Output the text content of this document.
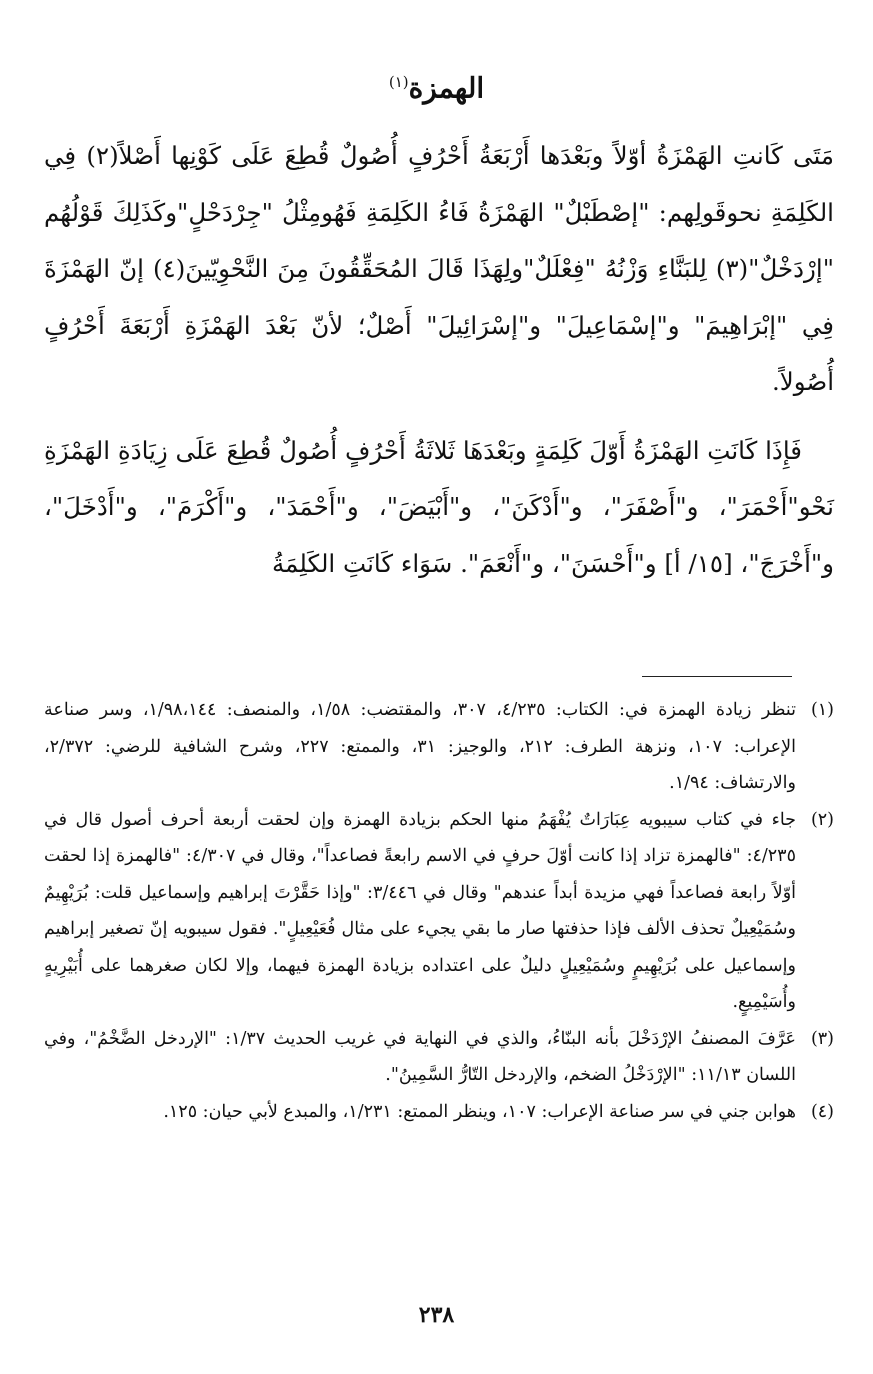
الهمزة$^{(١)}$

مَتَى كَانتِ الهَمْزَةُ أوّلاً وبَعْدَها أَرْبَعَةُ أَحْرُفٍ أُصُولٌ قُطِعَ عَلَى كَوْنِها أَصْلاً(٢) فِي الكَلِمَةِ نحوقَولِهم: "إصْطَبْلٌ" الهَمْزَةُ فَاءُ الكَلِمَةِ فَهُومِثْلُ "جِرْدَحْلٍ"وكَذَلِكَ قَوْلُهُم "إرْدَخْلٌ"(٣) لِلبَنَّاءِ وَزْنُهُ "فِعْلَلٌ"ولِهَذَا قَالَ المُحَقِّقُونَ مِنَ النَّحْوِيّينَ(٤) إنّ الهَمْزَةَ فِي "إبْرَاهِيمَ" و"إسْمَاعِيلَ" و"إسْرَائِيلَ" أَصْلٌ؛ لأنّ بَعْدَ الهَمْزَةِ أَرْبَعَةَ أَحْرُفٍ أُصُولاً.

فَإِذَا كَانَتِ الهَمْزَةُ أَوّلَ كَلِمَةٍ وبَعْدَهَا ثَلاثَةُ أَحْرُفٍ أُصُولٌ قُطِعَ عَلَى زِيَادَةِ الهَمْزَةِ نَحْو"أَحْمَرَ"، و"أَصْفَرَ"، و"أَدْكَنَ"، و"أَبْيَضَ"، و"أَحْمَدَ"، و"أَكْرَمَ"، و"أَدْخَلَ"، و"أَخْرَجَ"، [١٥/ أ] و"أَحْسَنَ"، و"أَنْعَمَ". سَوَاء كَانَتِ الكَلِمَةُ

(١)
تنظر زيادة الهمزة في: الكتاب: ٤/٢٣٥، ٣٠٧، والمقتضب: ١/٥٨، والمنصف: ١/٩٨،١٤٤، وسر صناعة الإعراب: ١٠٧، ونزهة الطرف: ٢١٢، والوجيز: ٣١، والممتع: ٢٢٧، وشرح الشافية للرضي: ٢/٣٧٢، والارتشاف: ١/٩٤.

(٢)
جاء في كتاب سيبويه عِبَارَاتٌ يُفْهَمُ منها الحكم بزيادة الهمزة وإن لحقت أربعة أحرف أصول قال في ٤/٢٣٥: "فالهمزة تزاد إذا كانت أوّلَ حرفٍ في الاسم رابعةً فصاعداً"، وقال في ٤/٣٠٧: "فالهمزة إذا لحقت أوّلاً رابعة فصاعداً فهي مزيدة أبداً عندهم" وقال في ٣/٤٤٦: "وإذا حَقَّرْتَ إبراهيم وإسماعيل قلت: بُرَيْهِيمٌ وسُمَيْعِيلٌ تحذف الألف فإذا حذفتها صار ما بقي يجيء على مثال فُعَيْعِيلٍ". فقول سيبويه إنّ تصغير إبراهيم وإسماعيل على بُرَيْهِيمٍ وسُمَيْعِيلٍ دليلٌ على اعتداده بزيادة الهمزة فيهما، وإلا لكان صغرهما على أُبَيْرِيهٍ وأُسَيْمِيعٍ.

(٣)
عَرَّفَ المصنفُ الإرْدَخْلَ بأنه البنّاءُ، والذي في النهاية في غريب الحديث ١/٣٧: "الإردخل الضَّخْمُ"، وفي اللسان ١١/١٣: "الإرْدَخْلُ الضخم، والإردخل التّارُّ السَّمِينُ".

(٤)
هوابن جني في سر صناعة الإعراب: ١٠٧، وينظر الممتع: ١/٢٣١، والمبدع لأبي حيان: ١٢٥.

٢٣٨
